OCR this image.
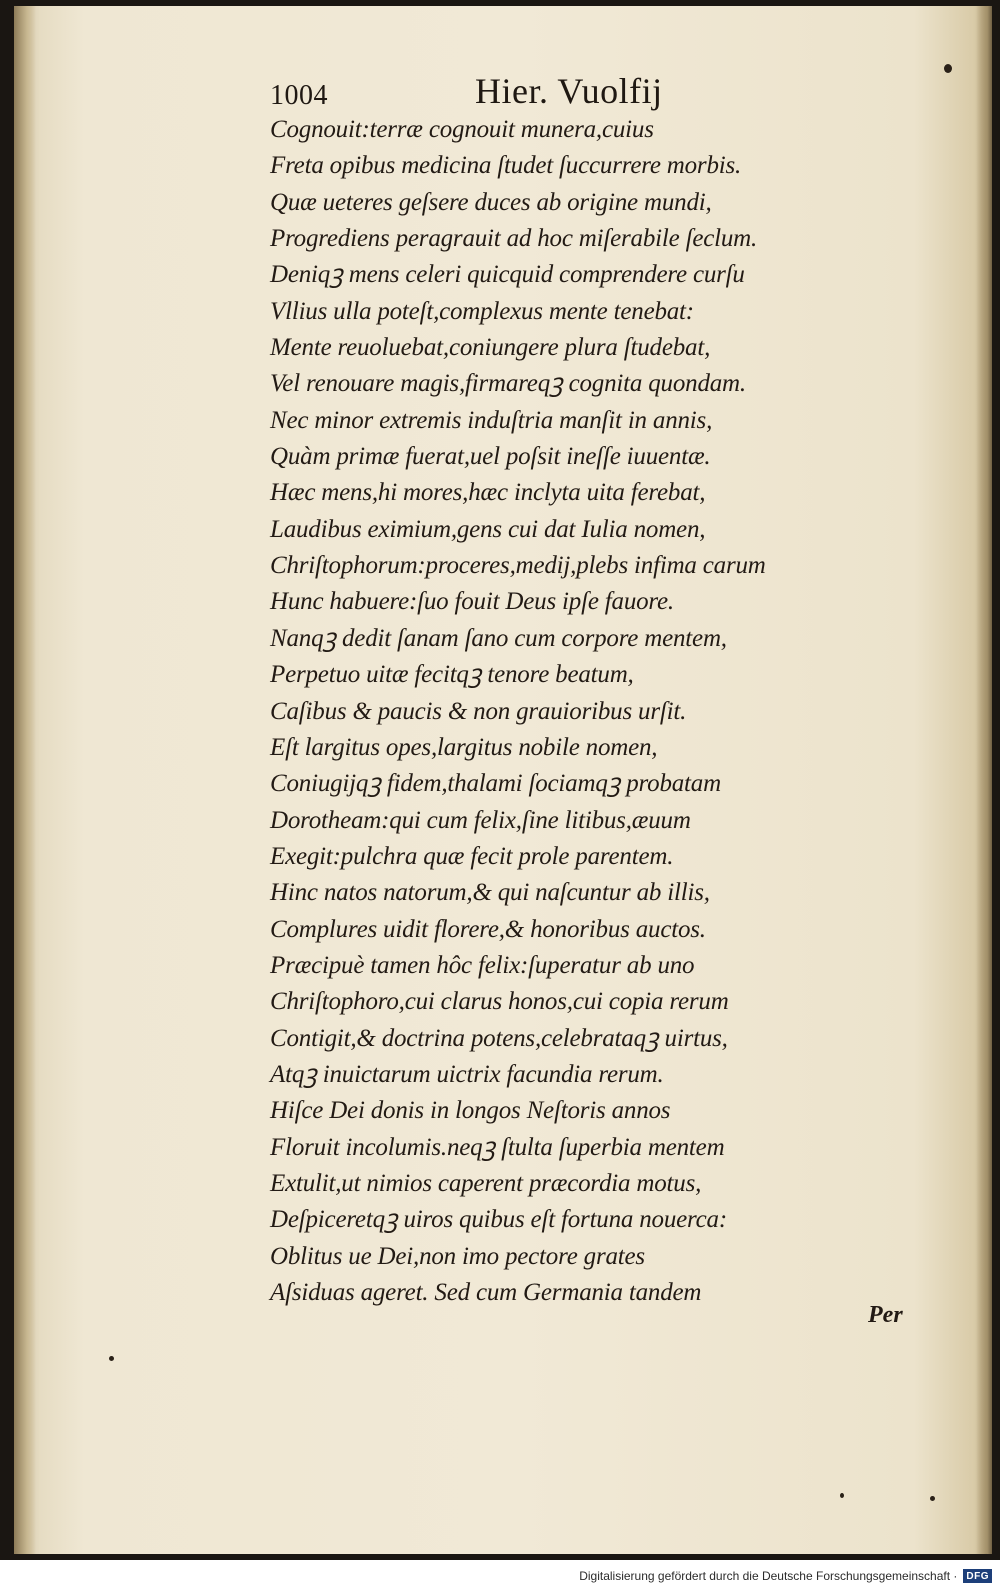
1004	Hier. Vuolfij
Cognouit:terræ cognouit munera,cuius
Freta opibus medicina ſtudet ſuccurrere morbis.
Quæ ueteres geſsere duces ab origine mundi,
Progrediens peragrauit ad hoc miſerabile ſeclum.
Deniqꝫ mens celeri quicquid comprendere curſu
Vllius ulla poteſt,complexus mente tenebat:
Mente reuoluebat,coniungere plura ſtudebat,
Vel renouare magis,firmareqꝫ cognita quondam.
Nec minor extremis induſtria manſit in annis,
Quàm primæ fuerat,uel poſsit ineſſe iuuentæ.
Hæc mens,hi mores,hæc inclyta uita ferebat,
Laudibus eximium,gens cui dat Iulia nomen,
Chriſtophorum:proceres,medij,plebs infima carum
Hunc habuere:ſuo fouit Deus ipſe fauore.
Nanqꝫ dedit ſanam ſano cum corpore mentem,
Perpetuo uitæ fecitqꝫ tenore beatum,
Caſibus & paucis & non grauioribus urſit.
Eſt largitus opes,largitus nobile nomen,
Coniugijqꝫ fidem,thalami ſociamqꝫ probatam
Dorotheam:qui cum felix,ſine litibus,æuum
Exegit:pulchra quæ fecit prole parentem.
Hinc natos natorum,& qui naſcuntur ab illis,
Complures uidit florere,& honoribus auctos.
Præcipuè tamen hôc felix:ſuperatur ab uno
Chriſtophoro,cui clarus honos,cui copia rerum
Contigit,& doctrina potens,celebrataqꝫ uirtus,
Atqꝫ inuictarum uictrix facundia rerum.
Hiſce Dei donis in longos Neſtoris annos
Floruit incolumis.neqꝫ ſtulta ſuperbia mentem
Extulit,ut nimios caperent præcordia motus,
Deſpiceretqꝫ uiros quibus eſt fortuna nouerca:
Oblitus ue Dei,non imo pectore grates
Aſsiduas ageret. Sed cum Germania tandem
Per
Digitalisierung gefördert durch die Deutsche Forschungsgemeinschaft · DFG
